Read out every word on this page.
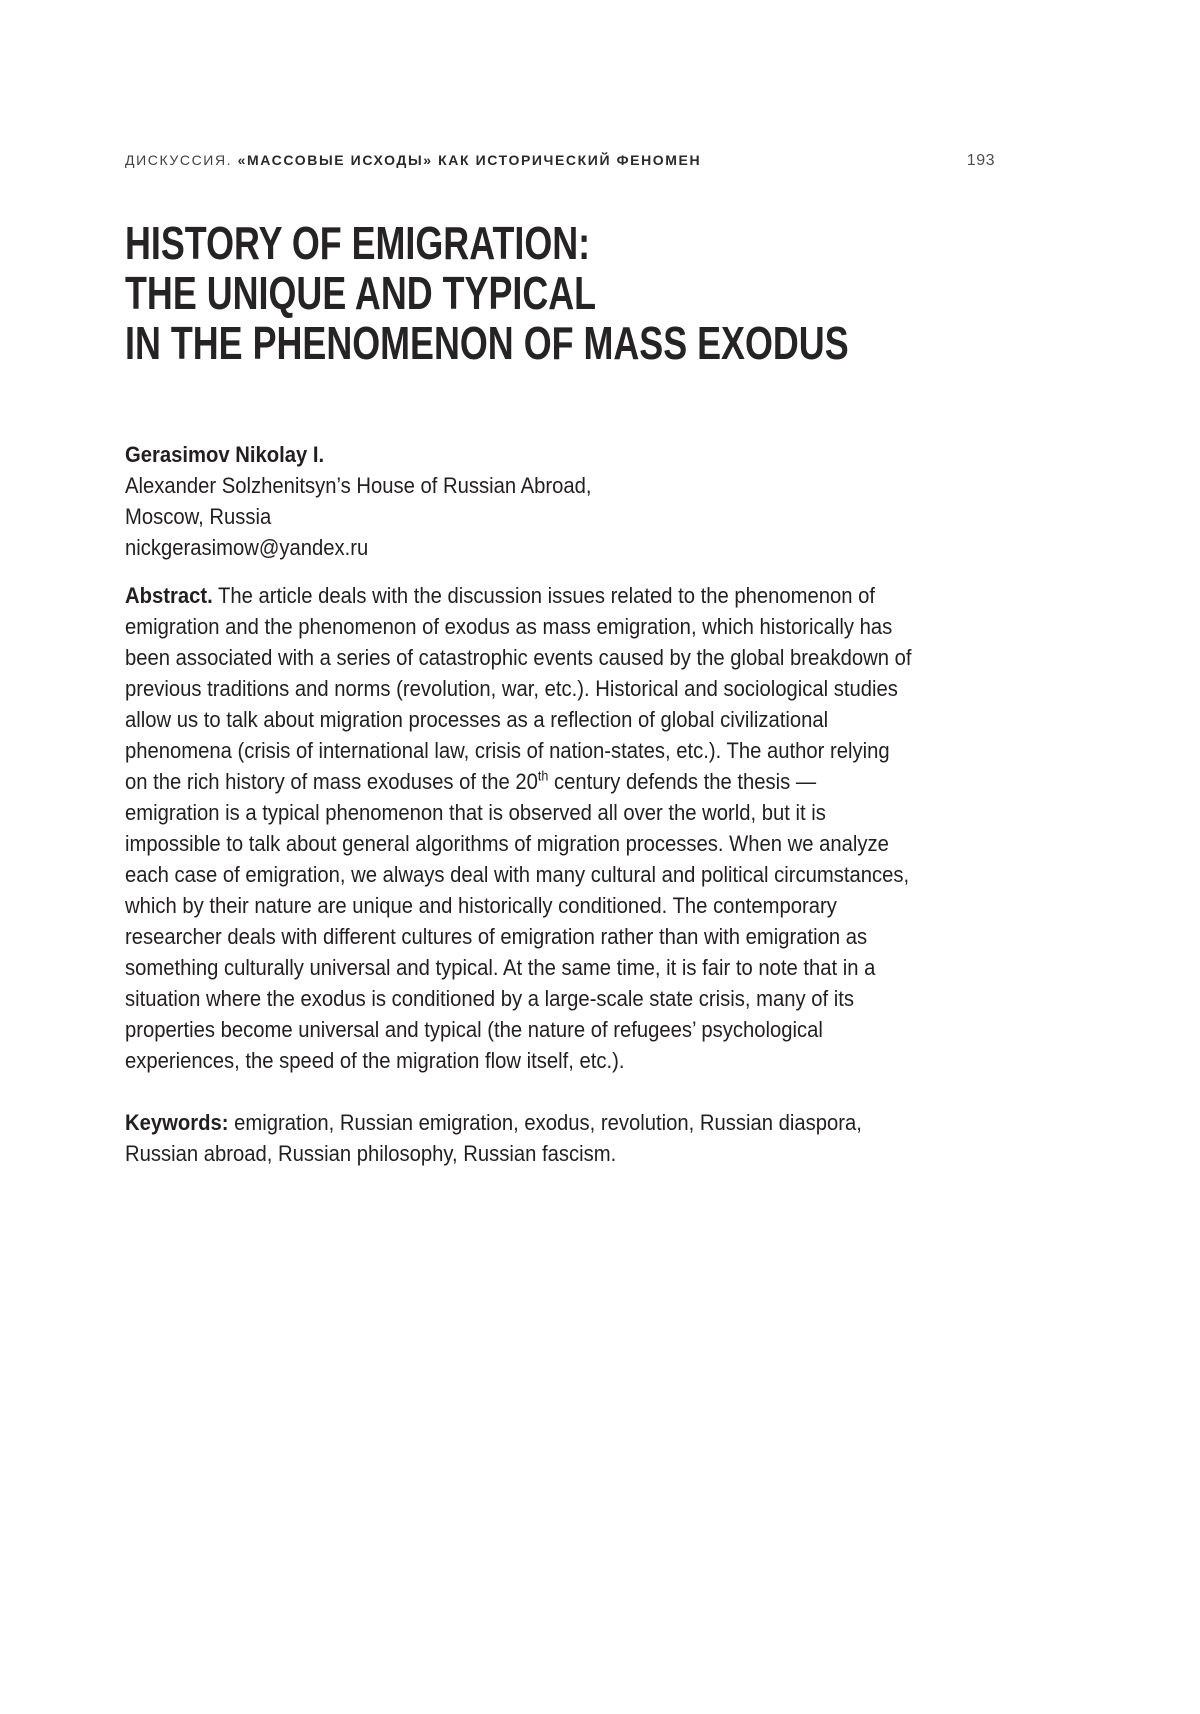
ДИСКУССИЯ. «МАССОВЫЕ ИСХОДЫ» КАК ИСТОРИЧЕСКИЙ ФЕНОМЕН	193
HISTORY OF EMIGRATION:
THE UNIQUE AND TYPICAL
IN THE PHENOMENON OF MASS EXODUS
Gerasimov Nikolay I.
Alexander Solzhenitsyn’s House of Russian Abroad,
Moscow, Russia
nickgerasimow@yandex.ru

Abstract. The article deals with the discussion issues related to the phenomenon of emigration and the phenomenon of exodus as mass emigration, which historically has been associated with a series of catastrophic events caused by the global breakdown of previous traditions and norms (revolution, war, etc.). Historical and sociological studies allow us to talk about migration processes as a reflection of global civilizational phenomena (crisis of international law, crisis of nation-states, etc.). The author relying on the rich history of mass exoduses of the 20th century defends the thesis — emigration is a typical phenomenon that is observed all over the world, but it is impossible to talk about general algorithms of migration processes. When we analyze each case of emigration, we always deal with many cultural and political circumstances, which by their nature are unique and historically conditioned. The contemporary researcher deals with different cultures of emigration rather than with emigration as something culturally universal and typical. At the same time, it is fair to note that in a situation where the exodus is conditioned by a large-scale state crisis, many of its properties become universal and typical (the nature of refugees’ psychological experiences, the speed of the migration flow itself, etc.).

Keywords: emigration, Russian emigration, exodus, revolution, Russian diaspora, Russian abroad, Russian philosophy, Russian fascism.
